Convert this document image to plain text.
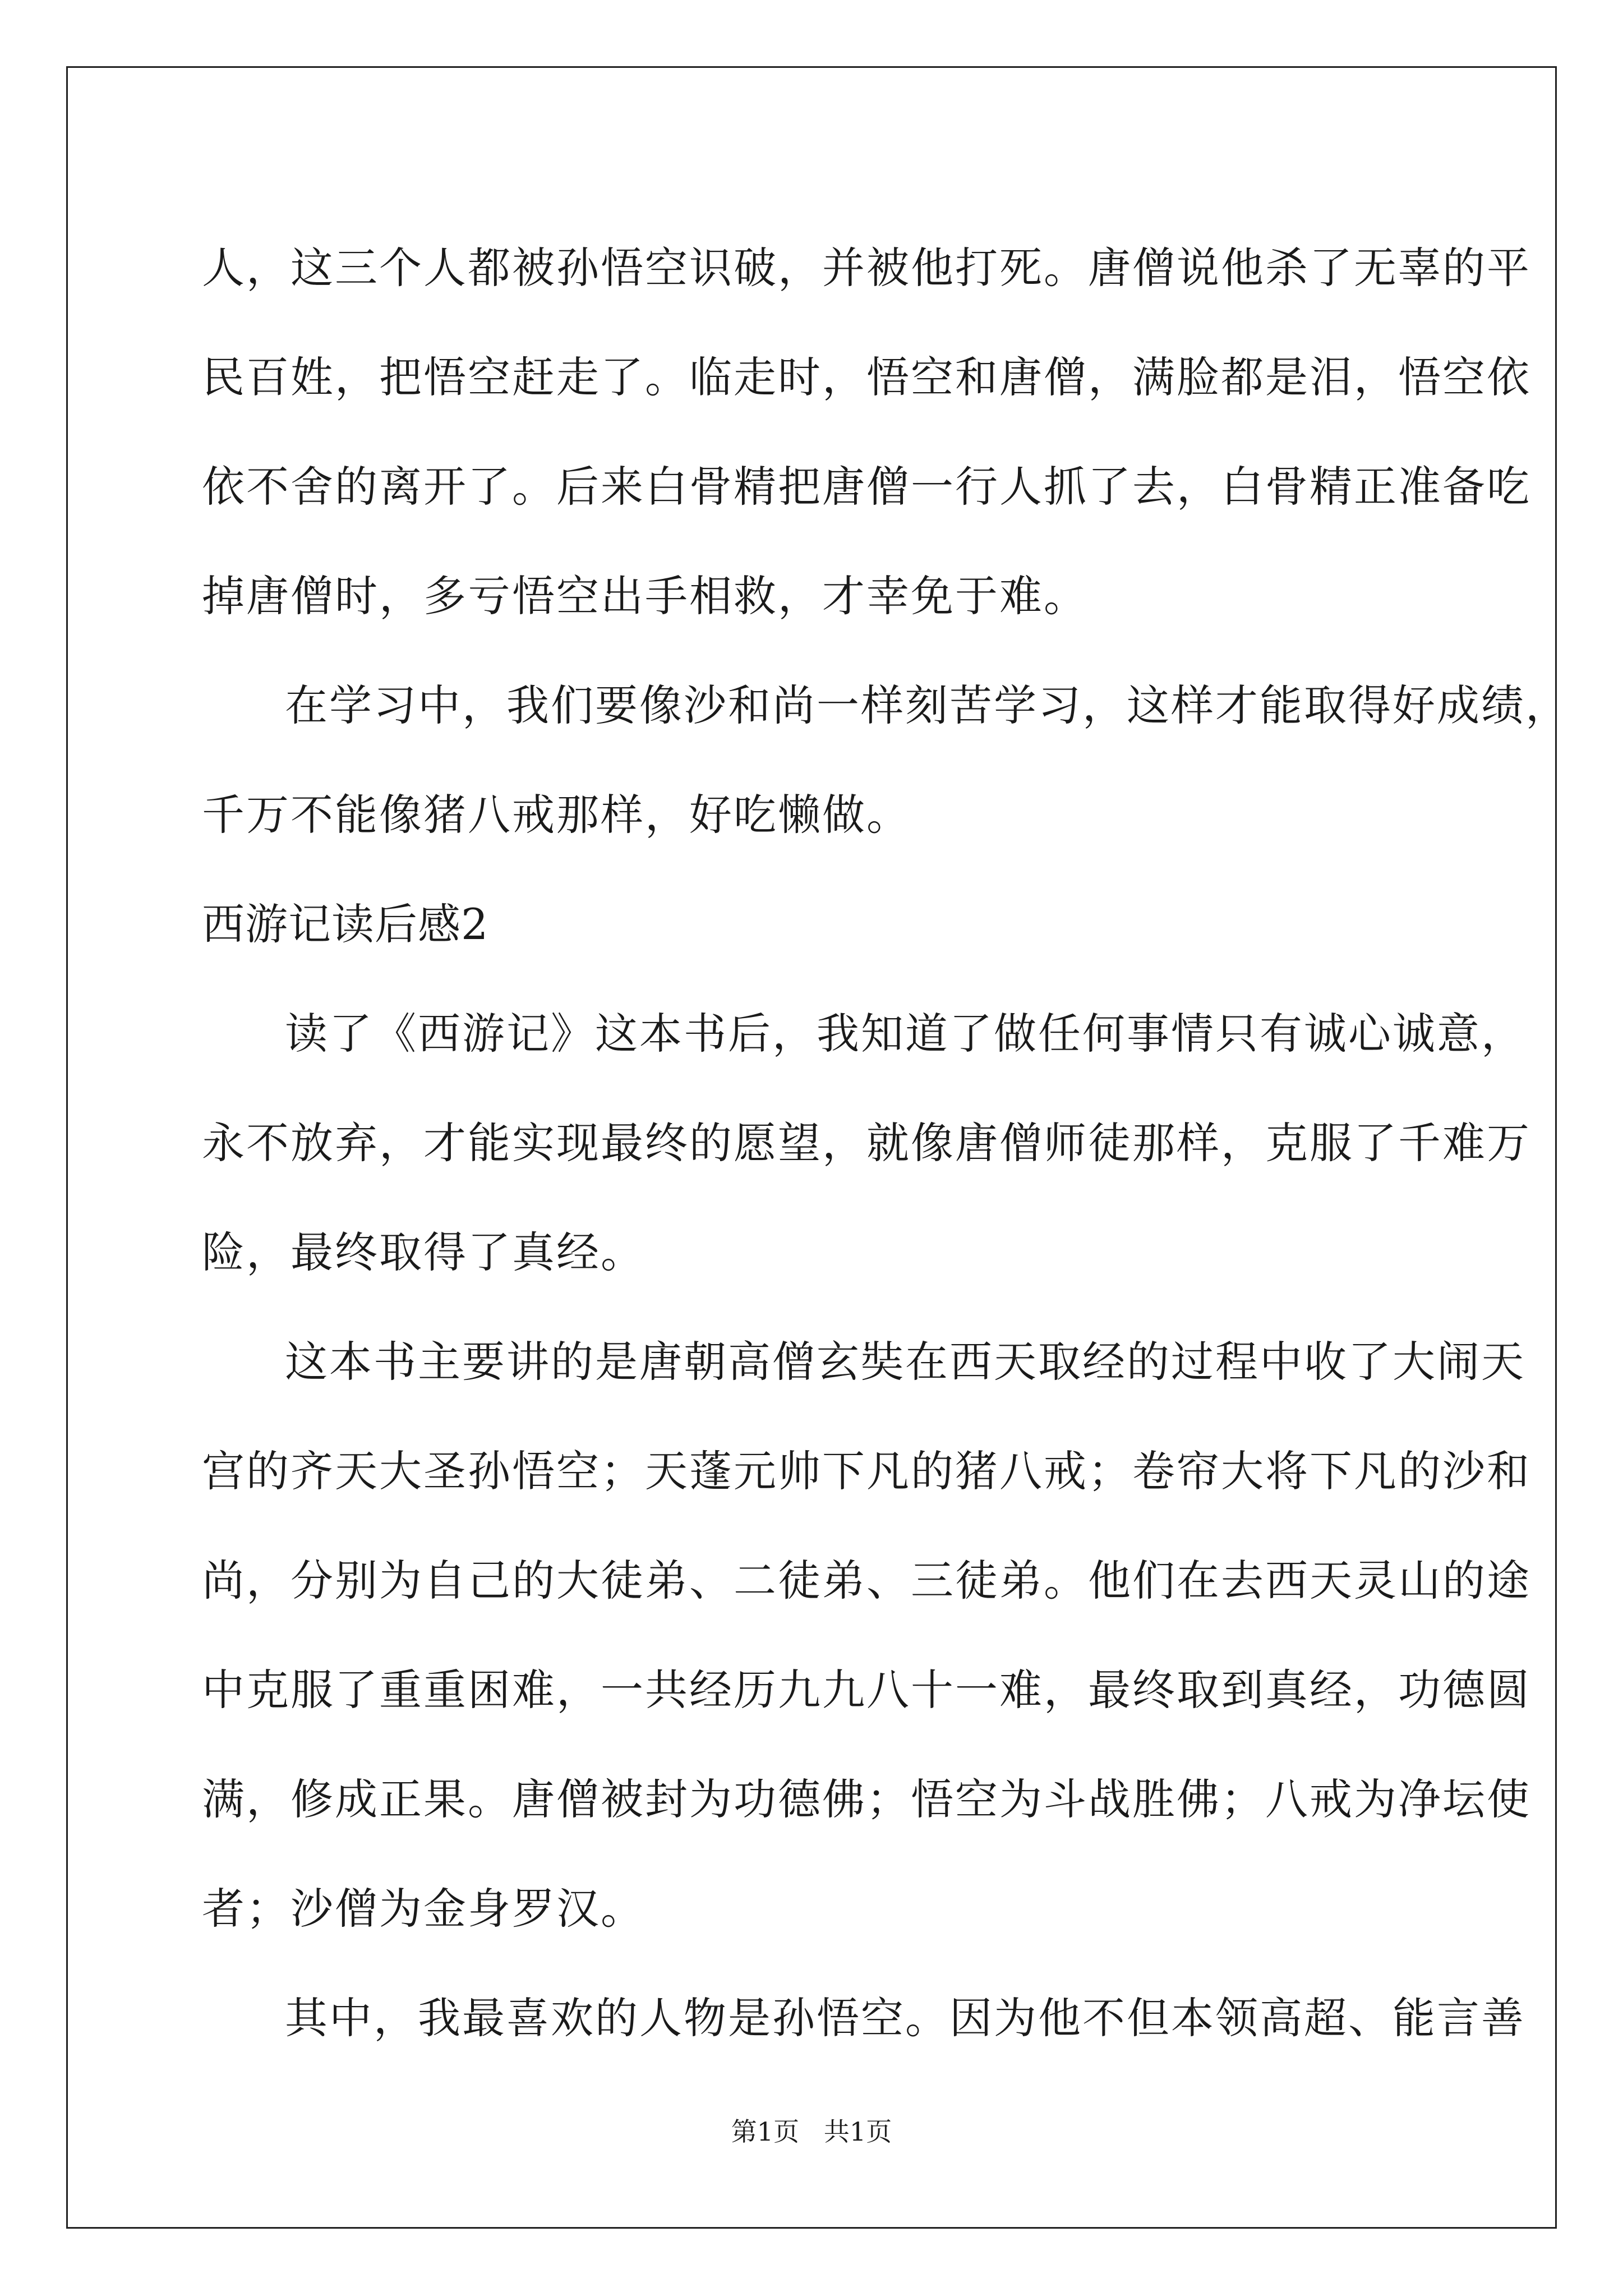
人，这三个人都被孙悟空识破，并被他打死。唐僧说他杀了无辜的平
民百姓，把悟空赶走了。临走时，悟空和唐僧，满脸都是泪，悟空依
依不舍的离开了。后来白骨精把唐僧一行人抓了去，白骨精正准备吃
掉唐僧时，多亏悟空出手相救，才幸免于难。
在学习中，我们要像沙和尚一样刻苦学习，这样才能取得好成绩，
千万不能像猪八戒那样，好吃懒做。
西游记读后感2
读了《西游记》这本书后，我知道了做任何事情只有诚心诚意，
永不放弃，才能实现最终的愿望，就像唐僧师徒那样，克服了千难万
险，最终取得了真经。
这本书主要讲的是唐朝高僧玄奘在西天取经的过程中收了大闹天
宫的齐天大圣孙悟空；天蓬元帅下凡的猪八戒；卷帘大将下凡的沙和
尚，分别为自己的大徒弟、二徒弟、三徒弟。他们在去西天灵山的途
中克服了重重困难，一共经历九九八十一难，最终取到真经，功德圆
满，修成正果。唐僧被封为功德佛；悟空为斗战胜佛；八戒为净坛使
者；沙僧为金身罗汉。
其中，我最喜欢的人物是孙悟空。因为他不但本领高超、能言善
第1页   共1页
